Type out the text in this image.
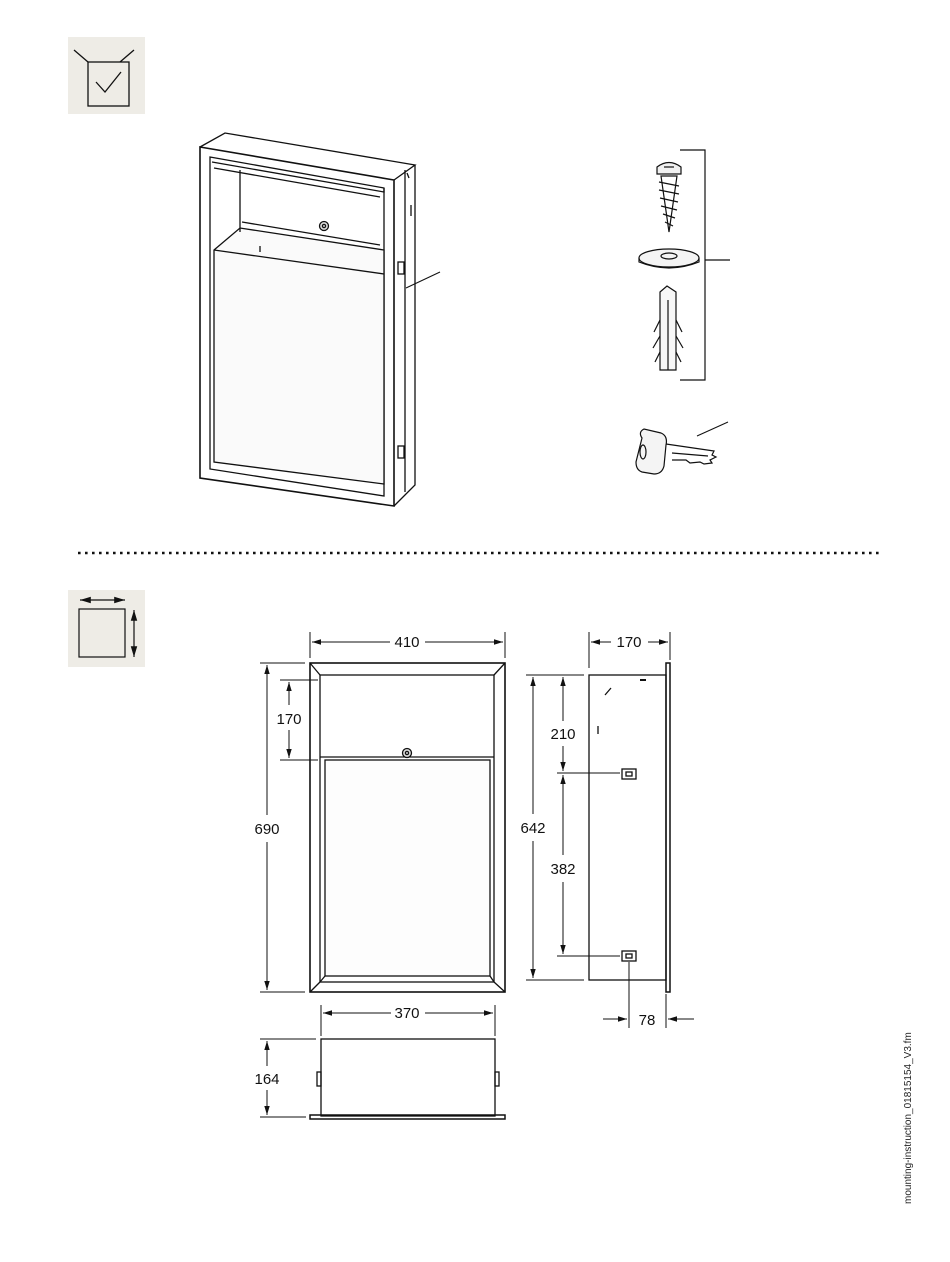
410
690
170
170
642
210
382
78
370
164	mounting-instruction_01815154_V3.fm
